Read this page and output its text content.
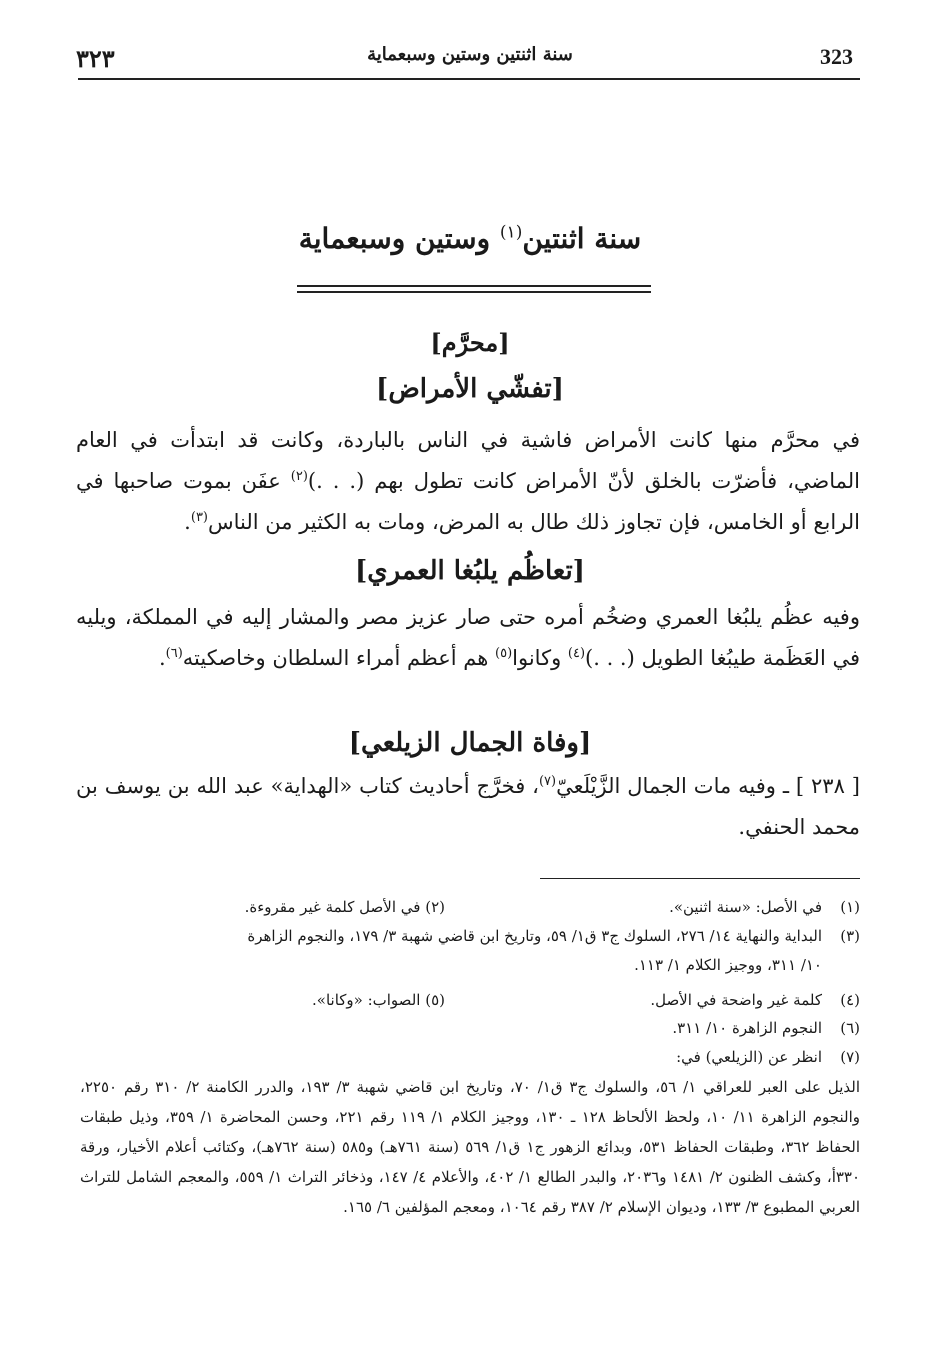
323
سنة اثنتين وستين وسبعماية
٣٢٣
سنة اثنتين$^{(١)}$ وستين وسبعماية
[محرَّم]
[تفشّي الأمراض]
في محرَّم منها كانت الأمراض فاشية في الناس بالباردة، وكانت قد ابتدأت في العام الماضي، فأضرّت بالخلق لأنّ الأمراض كانت تطول بهم (. . .)$^{(٢)}$ عفَن بموت صاحبها في الرابع أو الخامس، فإن تجاوز ذلك طال به المرض، ومات به الكثير من الناس$^{(٣)}$.
[تعاظُم يلبُغا العمري]
وفيه عظُم يلبُغا العمري وضخُم أمره حتى صار عزيز مصر والمشار إليه في المملكة، ويليه في العَظَمة طيبُغا الطويل (. . .)$^{(٤)}$ وكانوا$^{(٥)}$ هم أعظم أمراء السلطان وخاصكيته$^{(٦)}$.
[وفاة الجمال الزيلعي]
[ ٢٣٨ ] ـ وفيه مات الجمال الزَّيْلَعيّ$^{(٧)}$، فخرَّج أحاديث كتاب «الهداية» عبد الله بن يوسف بن محمد الحنفي.
(١)في الأصل: «سنة اثنين».
(٢) في الأصل كلمة غير مقروءة.
(٣)البداية والنهاية ١٤/ ٢٧٦، السلوك ج٣ ق١/ ٥٩، وتاريخ ابن قاضي شهبة ٣/ ١٧٩، والنجوم الزاهرة
١٠/ ٣١١، ووجيز الكلام ١/ ١١٣.
(٤)كلمة غير واضحة في الأصل.
(٥) الصواب: «وكانا».
(٦)النجوم الزاهرة ١٠/ ٣١١.
(٧)انظر عن (الزيلعي) في:
الذيل على العبر للعراقي ١/ ٥٦، والسلوك ج٣ ق١/ ٧٠، وتاريخ ابن قاضي شهبة ٣/ ١٩٣، والدرر الكامنة ٢/ ٣١٠ رقم ٢٢٥٠، والنجوم الزاهرة ١١/ ١٠، ولحظ الألحاظ ١٢٨ ـ ١٣٠، ووجيز الكلام ١/ ١١٩ رقم ٢٢١، وحسن المحاضرة ١/ ٣٥٩، وذيل طبقات الحفاظ ٣٦٢، وطبقات الحفاظ ٥٣١، وبدائع الزهور ج١ ق١/ ٥٦٩ (سنة ٧٦١هـ) و٥٨٥ (سنة ٧٦٢هـ)، وكتائب أعلام الأخيار، ورقة ٣٣٠أ، وكشف الظنون ٢/ ١٤٨١ و٢٠٣٦، والبدر الطالع ١/ ٤٠٢، والأعلام ٤/ ١٤٧، وذخائر التراث ١/ ٥٥٩، والمعجم الشامل للتراث العربي المطبوع ٣/ ١٣٣، وديوان الإسلام ٢/ ٣٨٧ رقم ١٠٦٤، ومعجم المؤلفين ٦/ ١٦٥.
